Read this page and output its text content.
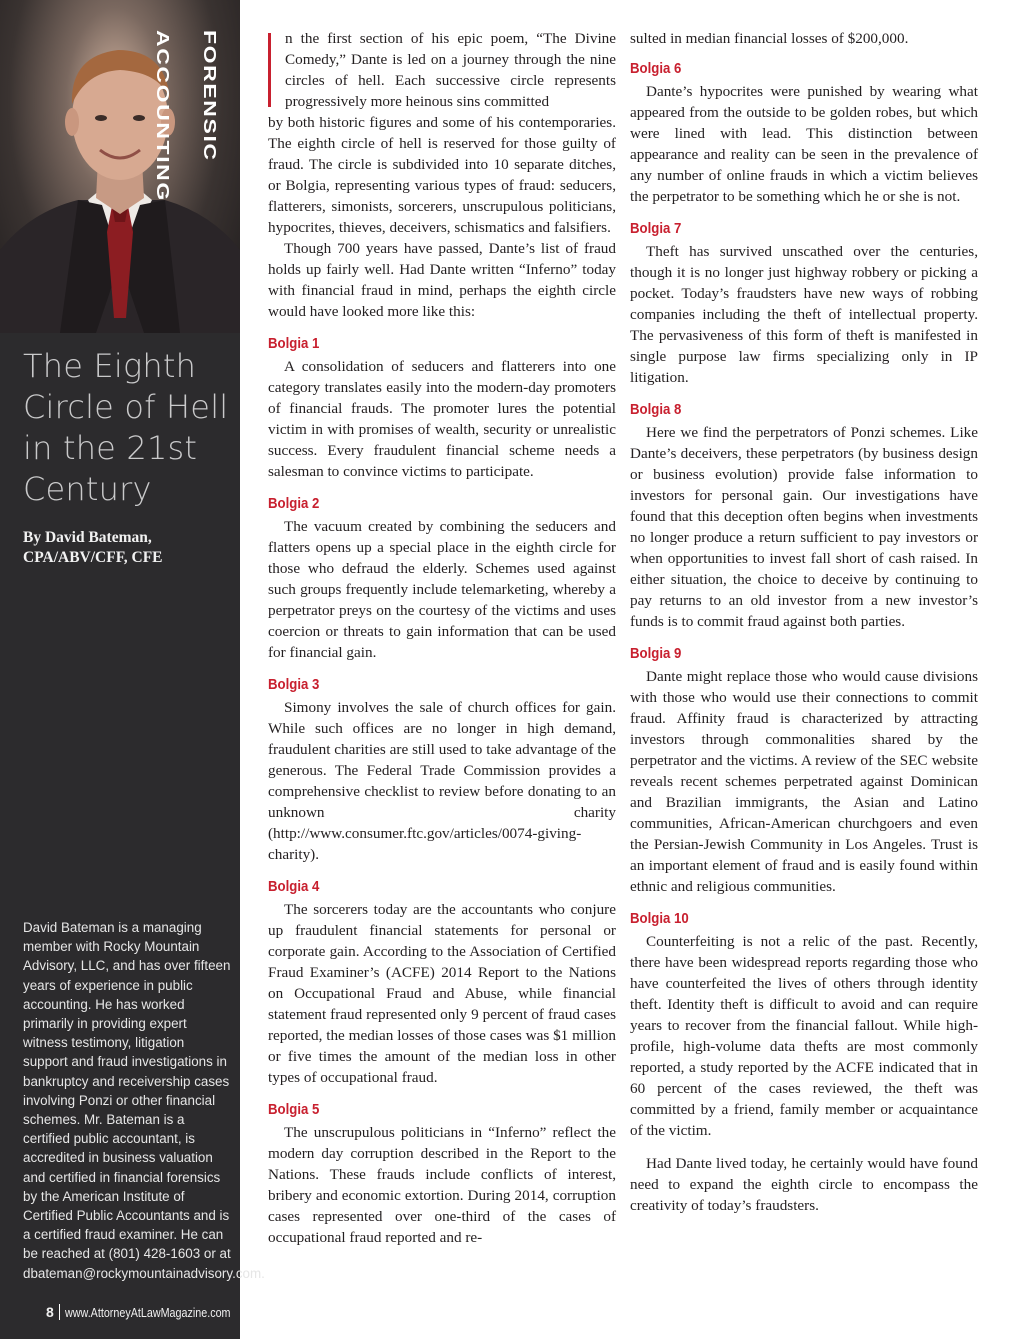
FORENSIC ACCOUNTING
The Eighth Circle of Hell in the 21st Century

By David Bateman,
CPA/ABV/CFF, CFE

David Bateman is a managing member with Rocky Mountain Advisory, LLC, and has over fifteen years of experience in public accounting. He has worked primarily in providing expert witness testimony, litigation support and fraud investigations in bankruptcy and receivership cases involving Ponzi or other financial schemes. Mr. Bateman is a certified public accountant, is accredited in business valuation and certified in financial forensics by the American Institute of Certified Public Accountants and is a certified fraud examiner. He can be reached at (801) 428-1603 or at dbateman@rockymountainadvisory.com.

8 www.AttorneyAtLawMagazine.com

n the first section of his epic poem, “The Divine Comedy,” Dante is led on a journey through the nine circles of hell. Each successive circle represents progressively more heinous sins committed

by both historic figures and some of his contemporaries. The eighth circle of hell is reserved for those guilty of fraud. The circle is subdivided into 10 separate ditches, or Bolgia, representing various types of fraud: seducers, flatterers, simonists, sorcerers, unscrupulous politicians, hypocrites, thieves, deceivers, schismatics and falsifiers.

Though 700 years have passed, Dante’s list of fraud holds up fairly well. Had Dante written “Inferno” today with financial fraud in mind, perhaps the eighth circle would have looked more like this:

Bolgia 1

A consolidation of seducers and flatterers into one category translates easily into the modern-day promoters of financial frauds. The promoter lures the potential victim in with promises of wealth, security or unrealistic success. Every fraudulent financial scheme needs a salesman to convince victims to participate.

Bolgia 2

The vacuum created by combining the seducers and flatters opens up a special place in the eighth circle for those who defraud the elderly. Schemes used against such groups frequently include telemarketing, whereby a perpetrator preys on the courtesy of the victims and uses coercion or threats to gain information that can be used for financial gain.

Bolgia 3

Simony involves the sale of church offices for gain. While such offices are no longer in high demand, fraudulent charities are still used to take advantage of the generous. The Federal Trade Commission provides a comprehensive checklist to review before donating to an unknown charity (http://www.consumer.ftc.gov/articles/0074-giving-charity).

Bolgia 4

The sorcerers today are the accountants who conjure up fraudulent financial statements for personal or corporate gain. According to the Association of Certified Fraud Examiner’s (ACFE) 2014 Report to the Nations on Occupational Fraud and Abuse, while financial statement fraud represented only 9 percent of fraud cases reported, the median losses of those cases was $1 million or five times the amount of the median loss in other types of occupational fraud.

Bolgia 5

The unscrupulous politicians in “Inferno” reflect the modern day corruption described in the Report to the Nations. These frauds include conflicts of interest, bribery and economic extortion. During 2014, corruption cases represented over one-third of the cases of occupational fraud reported and re-

sulted in median financial losses of $200,000.

Bolgia 6

Dante’s hypocrites were punished by wearing what appeared from the outside to be golden robes, but which were lined with lead. This distinction between appearance and reality can be seen in the prevalence of any number of online frauds in which a victim believes the perpetrator to be something which he or she is not.

Bolgia 7

Theft has survived unscathed over the centuries, though it is no longer just highway robbery or picking a pocket. Today’s fraudsters have new ways of robbing companies including the theft of intellectual property. The pervasiveness of this form of theft is manifested in single purpose law firms specializing only in IP litigation.

Bolgia 8

Here we find the perpetrators of Ponzi schemes. Like Dante’s deceivers, these perpetrators (by business design or business evolution) provide false information to investors for personal gain. Our investigations have found that this deception often begins when investments no longer produce a return sufficient to pay investors or when opportunities to invest fall short of cash raised. In either situation, the choice to deceive by continuing to pay returns to an old investor from a new investor’s funds is to commit fraud against both parties.

Bolgia 9

Dante might replace those who would cause divisions with those who would use their connections to commit fraud. Affinity fraud is characterized by attracting investors through commonalities shared by the perpetrator and the victims. A review of the SEC website reveals recent schemes perpetrated against Dominican and Brazilian immigrants, the Asian and Latino communities, African-American churchgoers and even the Persian-Jewish Community in Los Angeles. Trust is an important element of fraud and is easily found within ethnic and religious communities.

Bolgia 10

Counterfeiting is not a relic of the past. Recently, there have been widespread reports regarding those who have counterfeited the lives of others through identity theft. Identity theft is difficult to avoid and can require years to recover from the financial fallout. While high-profile, high-volume data thefts are most commonly reported, a study reported by the ACFE indicated that in 60 percent of the cases reviewed, the theft was committed by a friend, family member or acquaintance of the victim.

Had Dante lived today, he certainly would have found need to expand the eighth circle to encompass the creativity of today’s fraudsters.
